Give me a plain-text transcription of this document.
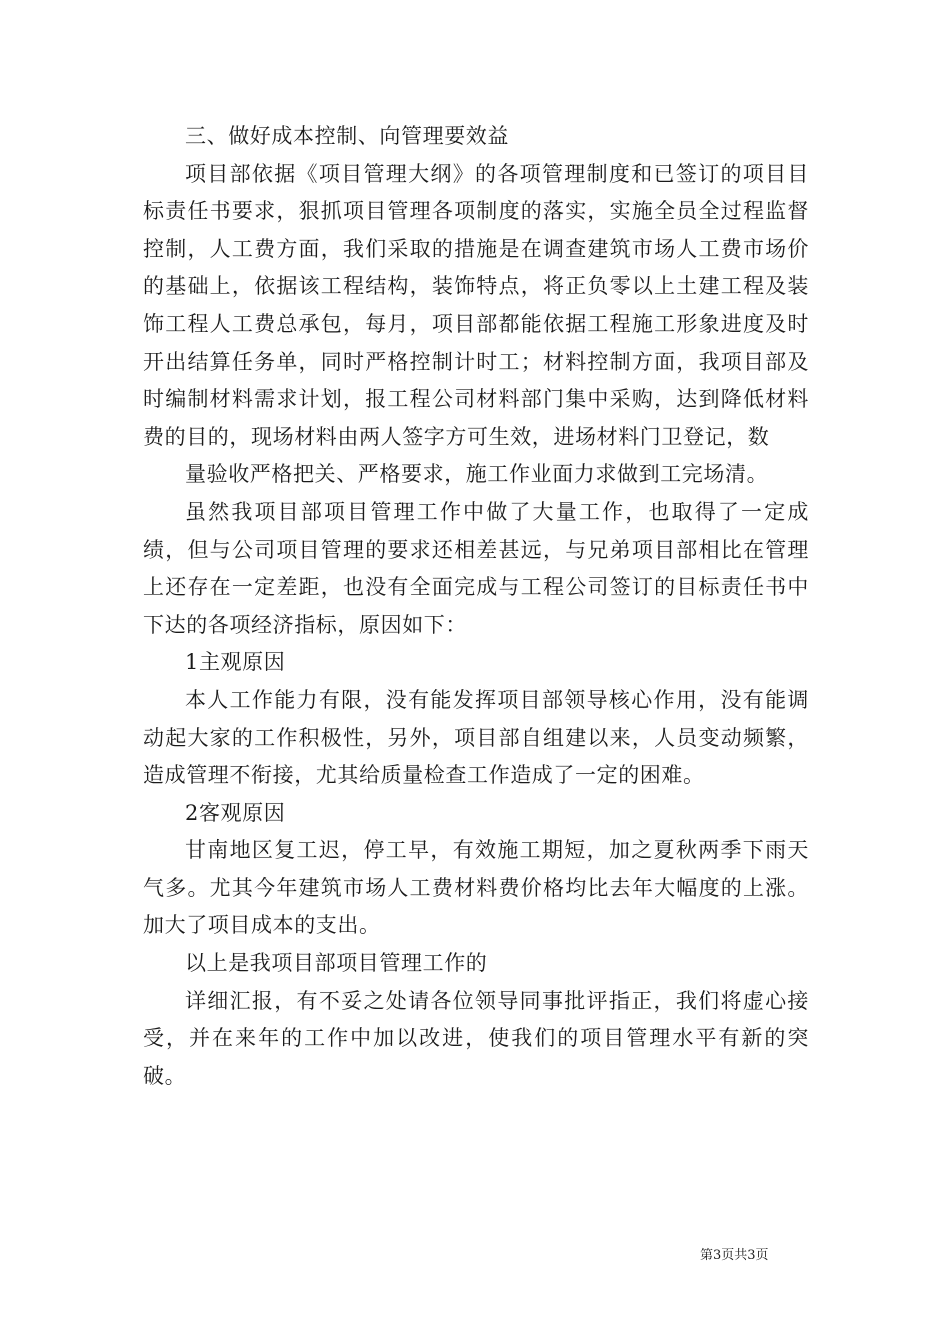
三、做好成本控制、向管理要效益

项目部依据《项目管理大纲》的各项管理制度和已签订的项目目标责任书要求，狠抓项目管理各项制度的落实，实施全员全过程监督控制，人工费方面，我们采取的措施是在调查建筑市场人工费市场价的基础上，依据该工程结构，装饰特点，将正负零以上土建工程及装饰工程人工费总承包，每月，项目部都能依据工程施工形象进度及时开出结算任务单，同时严格控制计时工；材料控制方面，我项目部及时编制材料需求计划，报工程公司材料部门集中采购，达到降低材料费的目的，现场材料由两人签字方可生效，进场材料门卫登记，数

量验收严格把关、严格要求，施工作业面力求做到工完场清。

虽然我项目部项目管理工作中做了大量工作，也取得了一定成绩，但与公司项目管理的要求还相差甚远，与兄弟项目部相比在管理上还存在一定差距，也没有全面完成与工程公司签订的目标责任书中下达的各项经济指标，原因如下：

1主观原因

本人工作能力有限，没有能发挥项目部领导核心作用，没有能调动起大家的工作积极性，另外，项目部自组建以来，人员变动频繁，造成管理不衔接，尤其给质量检查工作造成了一定的困难。

2客观原因

甘南地区复工迟，停工早，有效施工期短，加之夏秋两季下雨天气多。尤其今年建筑市场人工费材料费价格均比去年大幅度的上涨。加大了项目成本的支出。

以上是我项目部项目管理工作的

详细汇报，有不妥之处请各位领导同事批评指正，我们将虚心接受，并在来年的工作中加以改进，使我们的项目管理水平有新的突破。

第3页共3页
